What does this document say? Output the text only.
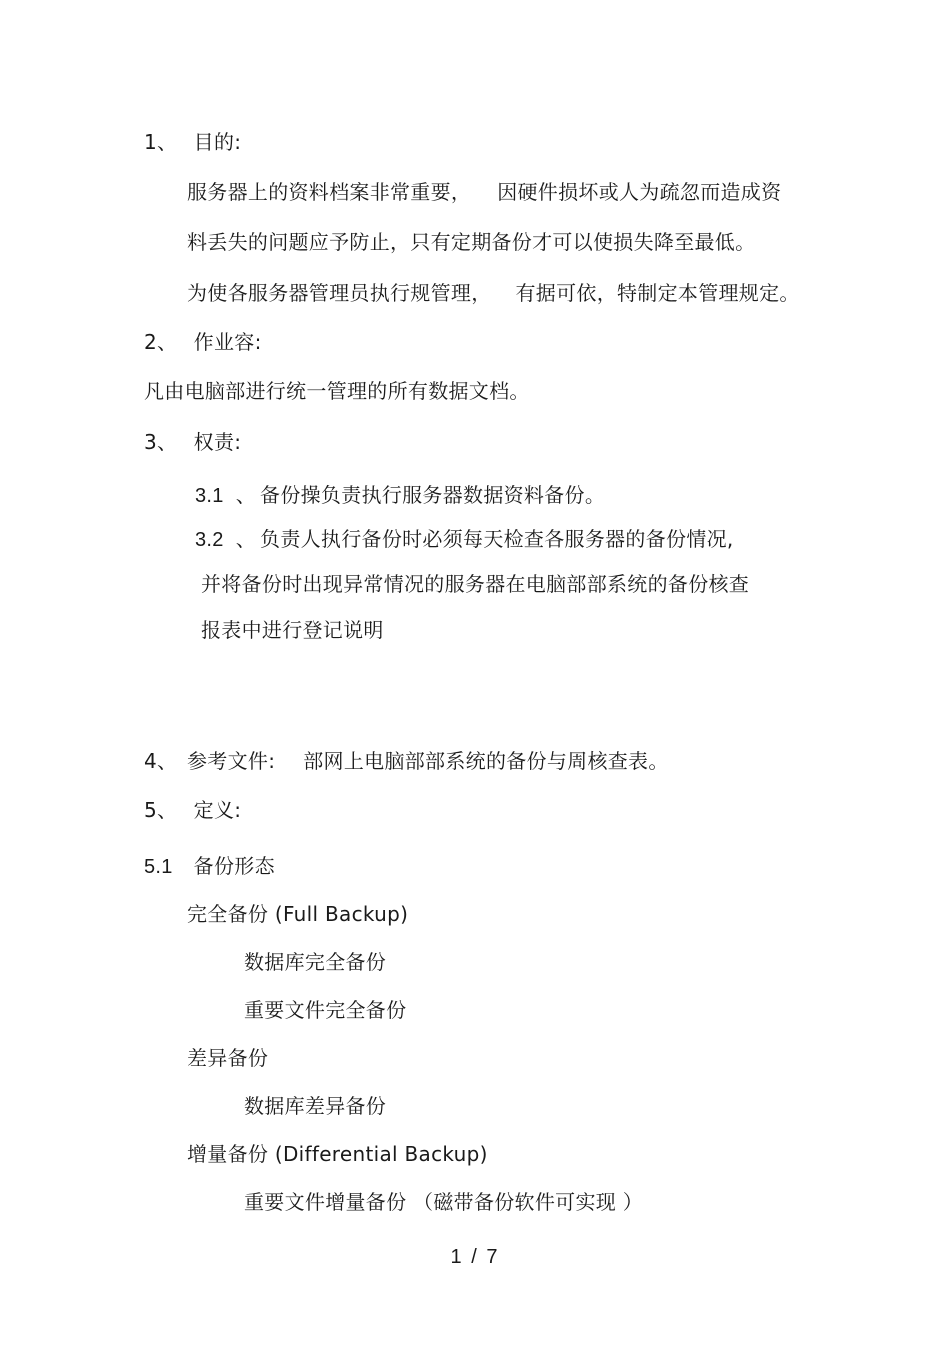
1、 目的:
服务器上的资料档案非常重要， 因硬件损坏或人为疏忽而造成资
料丢失的问题应予防止，只有定期备份才可以使损失降至最低。
为使各服务器管理员执行规管理， 有据可依，特制定本管理规定。
2、 作业容:
凡由电脑部进行统一管理的所有数据文档。
3、 权责:
3.1 、 备份操负责执行服务器数据资料备份。
3.2 、 负责人执行备份时必须每天检查各服务器的备份情况,
并将备份时出现异常情况的服务器在电脑部部系统的备份核查
报表中进行登记说明
4、 参考文件: 部网上电脑部部系统的备份与周核查表。
5、 定义:
5.1 备份形态
完全备份 (Full Backup)
数据库完全备份
重要文件完全备份
差异备份
数据库差异备份
增量备份 (Differential Backup)
重要文件增量备份 （磁带备份软件可实现 ）
1 / 7
